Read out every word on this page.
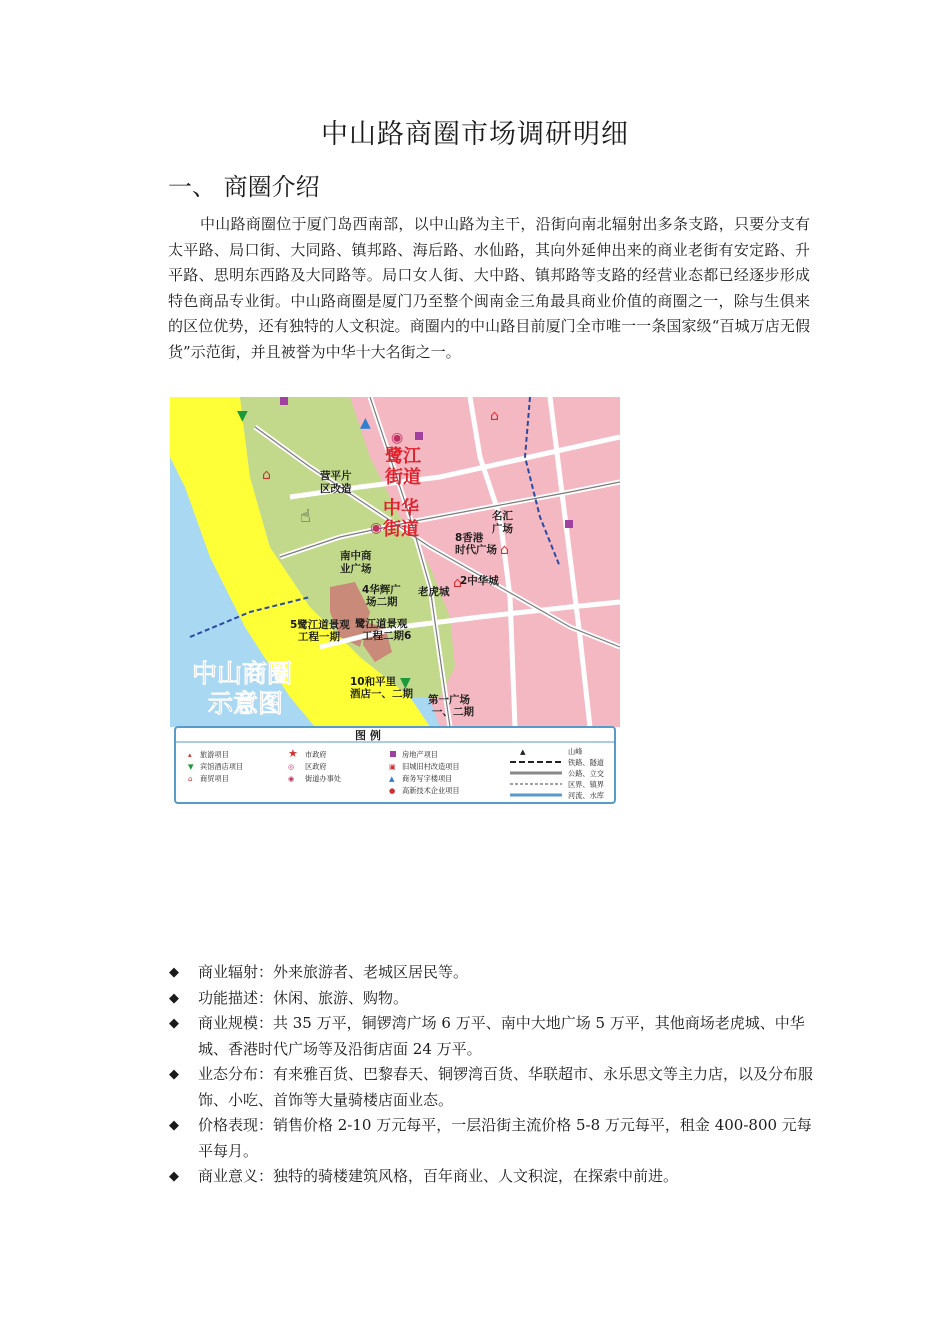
中山路商圈市场调研明细
一、 商圈介绍

中山路商圈位于厦门岛西南部，以中山路为主干，沿街向南北辐射出多条支路，只要分支有太平路、局口街、大同路、镇邦路、海后路、水仙路，其向外延伸出来的商业老街有安定路、升平路、思明东西路及大同路等。局口女人街、大中路、镇邦路等支路的经营业态都已经逐步形成特色商品专业街。中山路商圈是厦门乃至整个闽南金三角最具商业价值的商圈之一，除与生俱来的区位优势，还有独特的人文积淀。商圈内的中山路目前厦门全市唯一一条国家级“百城万店无假货”示范街，并且被誉为中华十大名街之一。

▼
⌂
◉
◉
⌂
⌂
⌂
▲
▼
☝
鹭江
街道
中华
街道
营平片
区改造
名汇
广场
8香港
时代广场
南中商
业广场
4华辉广
场二期
老虎城
2中华城
5鹭江道景观
工程一期
鹭江道景观
工程二期6
10和平里
酒店一、二期 第一广场
一、二期
中山商圈
示意图
图 例
▴ 旅游项目
▼ 宾馆酒店项目
⌂ 商贸项目
★ 市政府
◎ 区政府
◉ 街道办事处
房地产项目
▣ 旧城旧村改造项目
▲ 商务写字楼项目
● 高新技术企业项目
▲	山峰
铁路、隧道
公路、立交
区界、镇界
河流、水库
◆ 商业辐射：外来旅游者、老城区居民等。
◆ 功能描述：休闲、旅游、购物。
◆ 商业规模：共 35 万平，铜锣湾广场 6 万平、南中大地广场 5 万平，其他商场老虎城、中华城、香港时代广场等及沿街店面 24 万平。
◆ 业态分布：有来雅百货、巴黎春天、铜锣湾百货、华联超市、永乐思文等主力店，以及分布服饰、小吃、首饰等大量骑楼店面业态。
◆ 价格表现：销售价格 2-10 万元每平，一层沿街主流价格 5-8 万元每平，租金 400-800 元每平每月。
◆ 商业意义：独特的骑楼建筑风格，百年商业、人文积淀，在探索中前进。
